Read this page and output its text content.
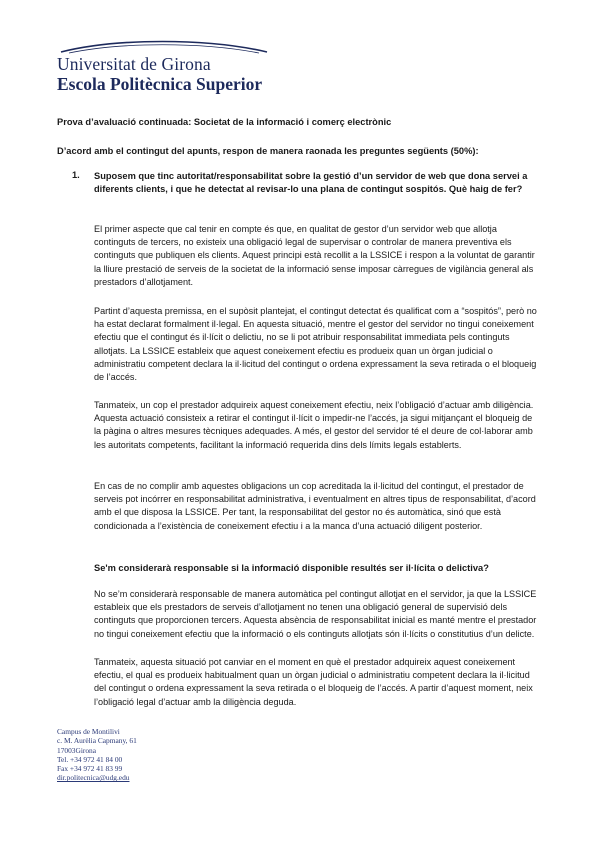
Universitat de Girona
Escola Politècnica Superior
Prova d’avaluació continuada: Societat de la informació i comerç electrònic
D’acord amb el contingut del apunts, respon de manera raonada les preguntes següents (50%):
1. Suposem que tinc autoritat/responsabilitat sobre la gestió d’un servidor de web que dona servei a diferents clients, i que he detectat al revisar-lo una plana de contingut sospitós. Què haig de fer?
El primer aspecte que cal tenir en compte és que, en qualitat de gestor d’un servidor web que allotja continguts de tercers, no existeix una obligació legal de supervisar o controlar de manera preventiva els continguts que publiquen els clients. Aquest principi està recollit a la LSSICE i respon a la voluntat de garantir la lliure prestació de serveis de la societat de la informació sense imposar càrregues de vigilància general als prestadors d’allotjament.
Partint d’aquesta premissa, en el supòsit plantejat, el contingut detectat és qualificat com a “sospitós”, però no ha estat declarat formalment il·legal. En aquesta situació, mentre el gestor del servidor no tingui coneixement efectiu que el contingut és il·lícit o delictiu, no se li pot atribuir responsabilitat immediata pels continguts allotjats. La LSSICE estableix que aquest coneixement efectiu es produeix quan un òrgan judicial o administratiu competent declara la il·licitud del contingut o ordena expressament la seva retirada o el bloqueig de l’accés.
Tanmateix, un cop el prestador adquireix aquest coneixement efectiu, neix l’obligació d’actuar amb diligència. Aquesta actuació consisteix a retirar el contingut il·lícit o impedir-ne l’accés, ja sigui mitjançant el bloqueig de la pàgina o altres mesures tècniques adequades. A més, el gestor del servidor té el deure de col·laborar amb les autoritats competents, facilitant la informació requerida dins dels límits legals establerts.
En cas de no complir amb aquestes obligacions un cop acreditada la il·licitud del contingut, el prestador de serveis pot incórrer en responsabilitat administrativa, i eventualment en altres tipus de responsabilitat, d’acord amb el que disposa la LSSICE. Per tant, la responsabilitat del gestor no és automàtica, sinó que està condicionada a l’existència de coneixement efectiu i a la manca d’una actuació diligent posterior.
Se'm considerarà responsable si la informació disponible resultés ser il·lícita o delictiva?
No se’m considerarà responsable de manera automàtica pel contingut allotjat en el servidor, ja que la LSSICE estableix que els prestadors de serveis d’allotjament no tenen una obligació general de supervisió dels continguts que proporcionen tercers. Aquesta absència de responsabilitat inicial es manté mentre el prestador no tingui coneixement efectiu que la informació o els continguts allotjats són il·lícits o constitutius d’un delicte.
Tanmateix, aquesta situació pot canviar en el moment en què el prestador adquireix aquest coneixement efectiu, el qual es produeix habitualment quan un òrgan judicial o administratiu competent declara la il·licitud del contingut o ordena expressament la seva retirada o el bloqueig de l’accés. A partir d’aquest moment, neix l’obligació legal d’actuar amb la diligència deguda.
Campus de Montilivi
c. M. Aurèlia Capmany, 61
17003Girona
Tel. +34 972 41 84 00
Fax +34 972 41 83 99
dir.politecnica@udg.edu
